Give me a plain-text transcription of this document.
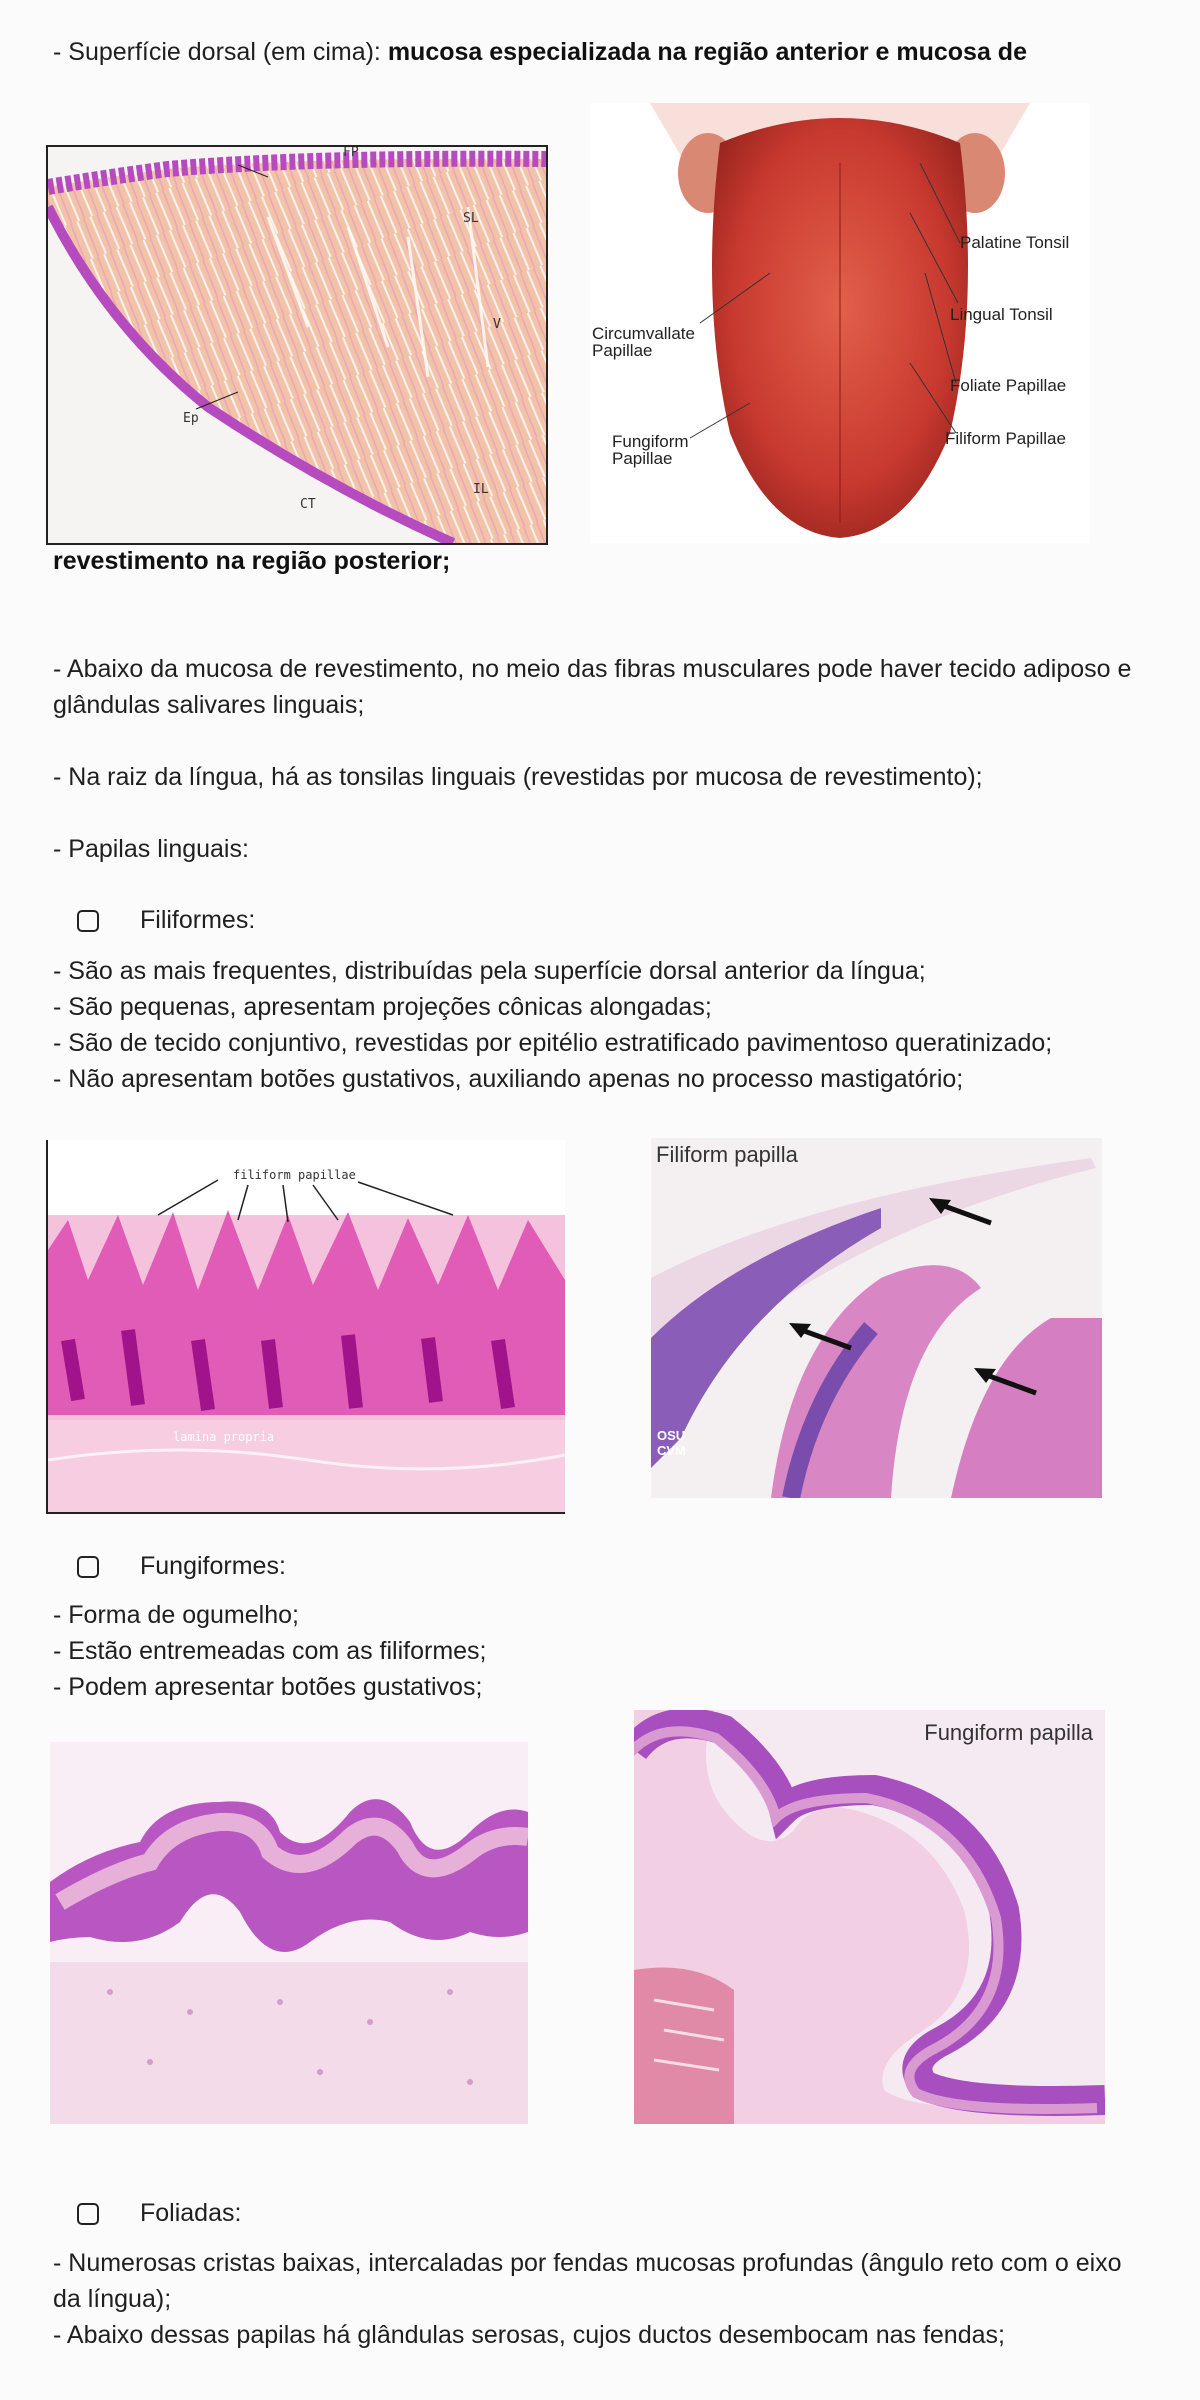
- Superfície dorsal (em cima): mucosa especializada na região anterior e mucosa de
FP
SL
V
Ep
CT
IL
Palatine Tonsil
Lingual Tonsil
Circumvallate
Papillae
Foliate Papillae
Fungiform
Papillae
Filiform Papillae
revestimento na região posterior;
- Abaixo da mucosa de revestimento, no meio das fibras musculares pode haver tecido adiposo e glândulas salivares linguais;
- Na raiz da língua, há as tonsilas linguais (revestidas por mucosa de revestimento);
- Papilas linguais:
Filiformes:
- São as mais frequentes, distribuídas pela superfície dorsal anterior da língua;
- São pequenas, apresentam projeções cônicas alongadas;
- São de tecido conjuntivo, revestidas por epitélio estratificado pavimentoso queratinizado;
- Não apresentam botões gustativos, auxiliando apenas no processo mastigatório;
filiform papillae
lamina propria
Filiform papilla
OSU CVM
Fungiformes:
- Forma de ogumelho;
- Estão entremeadas com as filiformes;
- Podem apresentar botões gustativos;
Fungiform papilla
Foliadas:
- Numerosas cristas baixas, intercaladas por fendas mucosas profundas (ângulo reto com o eixo da língua);
- Abaixo dessas papilas há glândulas serosas, cujos ductos desembocam nas fendas;
